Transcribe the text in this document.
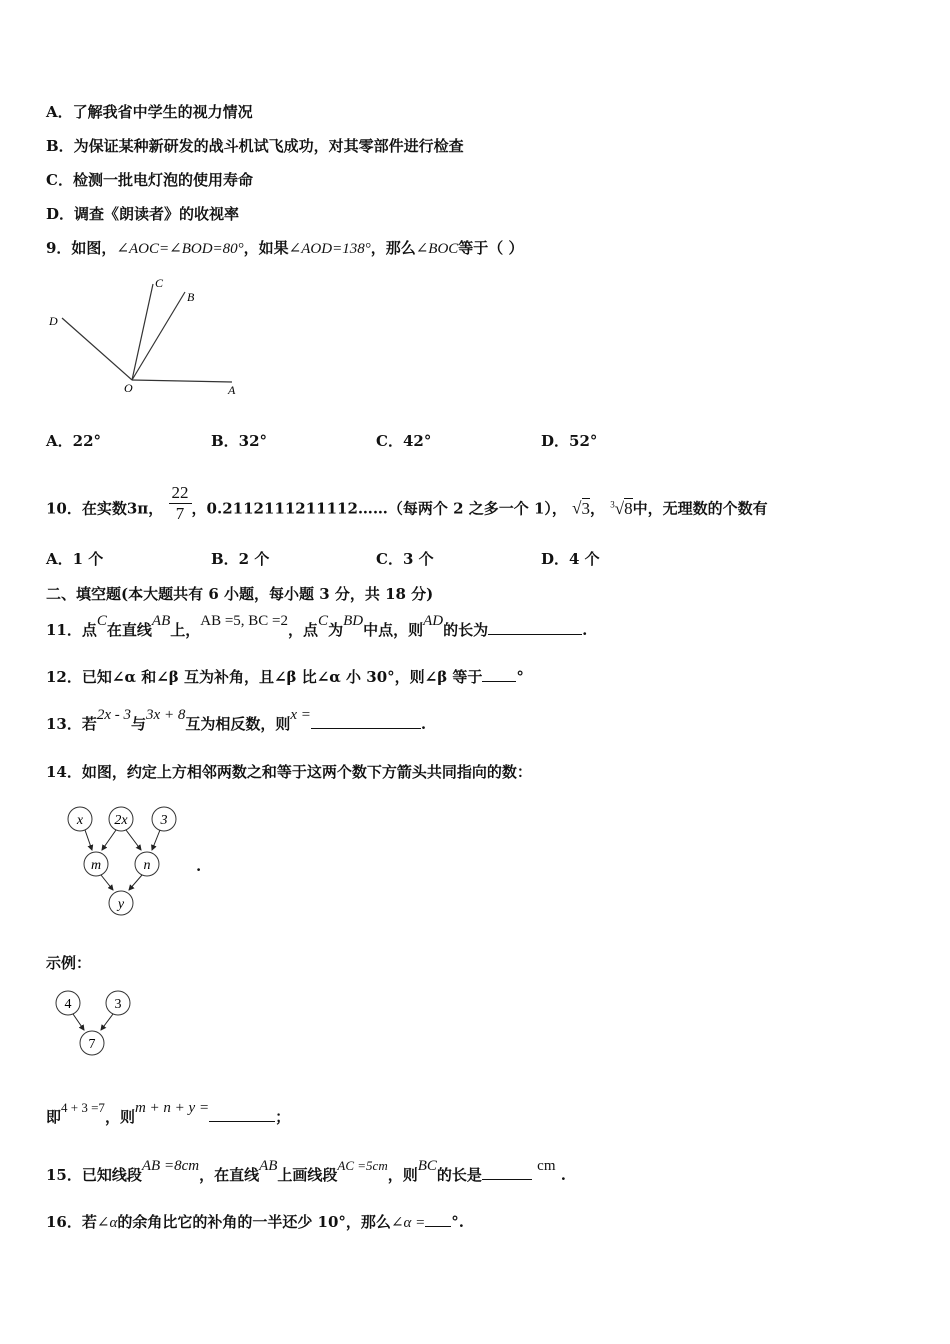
A．了解我省中学生的视力情况
B．为保证某种新研发的战斗机试飞成功，对其零部件进行检查
C．检测一批电灯泡的使用寿命
D．调查《朗读者》的收视率
9．如图，∠AOC=∠BOD=80°，如果∠AOD=138°，那么∠BOC等于（ ）
D
C
B
O	A
A．22°	B．32°	C．42°	D．52°
10．在实数3π， $\frac{22}{7}$ ，0.2112111211112……（每两个 2 之多一个 1）， √3， $^3$√8中，无理数的个数有
A．1 个	B．2 个	C．3 个	D．4 个
二、填空题(本大题共有 6 小题，每小题 3 分，共 18 分)
11．点C在直线AB上，AB =5, BC =2，点C为BD中点，则AD的长为	.
12．已知∠α 和∠β 互为补角，且∠β 比∠α 小 30°，则∠β 等于 °
13．若2x - 3与3x + 8互为相反数，则x =	.
14．如图，约定上方相邻两数之和等于这两个数下方箭头共同指向的数：
x 2x 3
m	n
y
.
示例：
4	3
7
即4 + 3 =7，则m + n + y =	；
15．已知线段AB =8cm，在直线AB上画线段AC =5cm，则BC的长是	cm .
16．若∠α的余角比它的补角的一半还少 10°，那么∠α = °.
